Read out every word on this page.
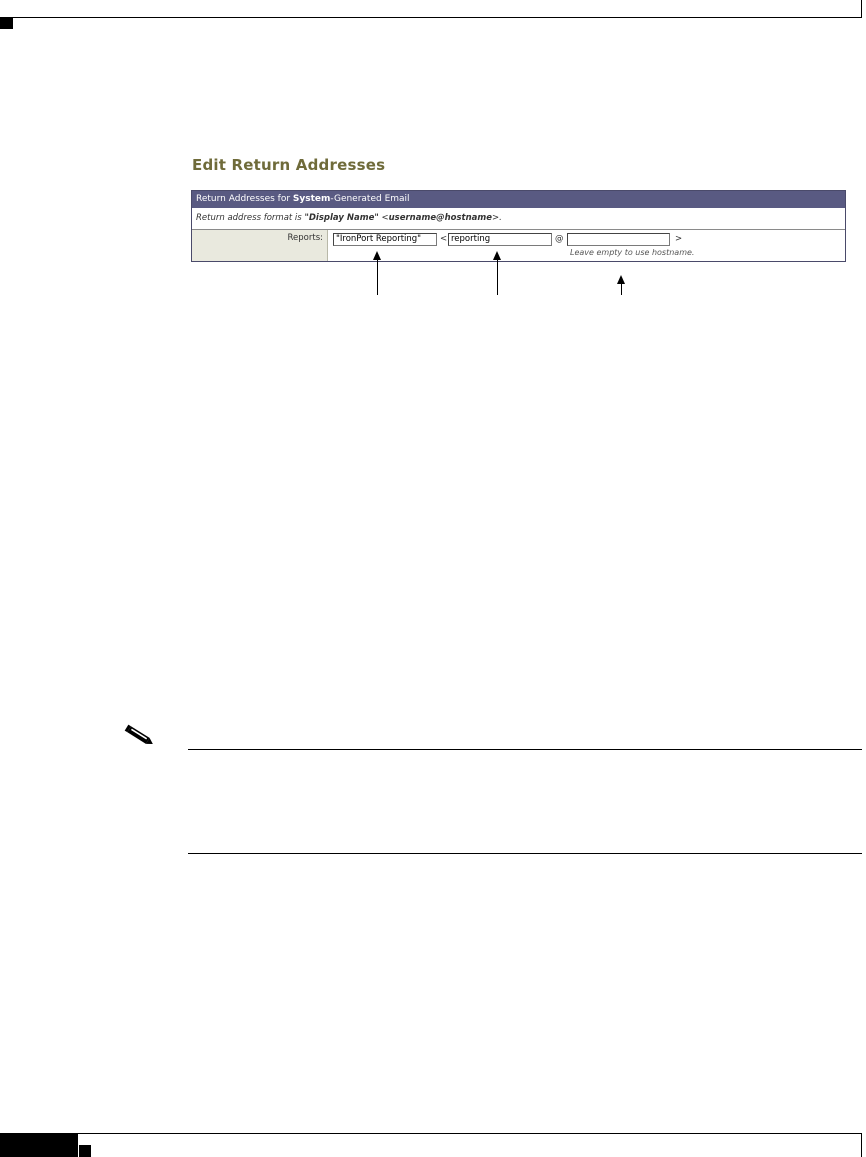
Edit Return Addresses
Return Addresses for System-Generated Email
Return address format is "Display Name" <username@hostname>.
Reports:	"IronPort Reporting"	< reporting	@	>
Leave empty to use hostname.
